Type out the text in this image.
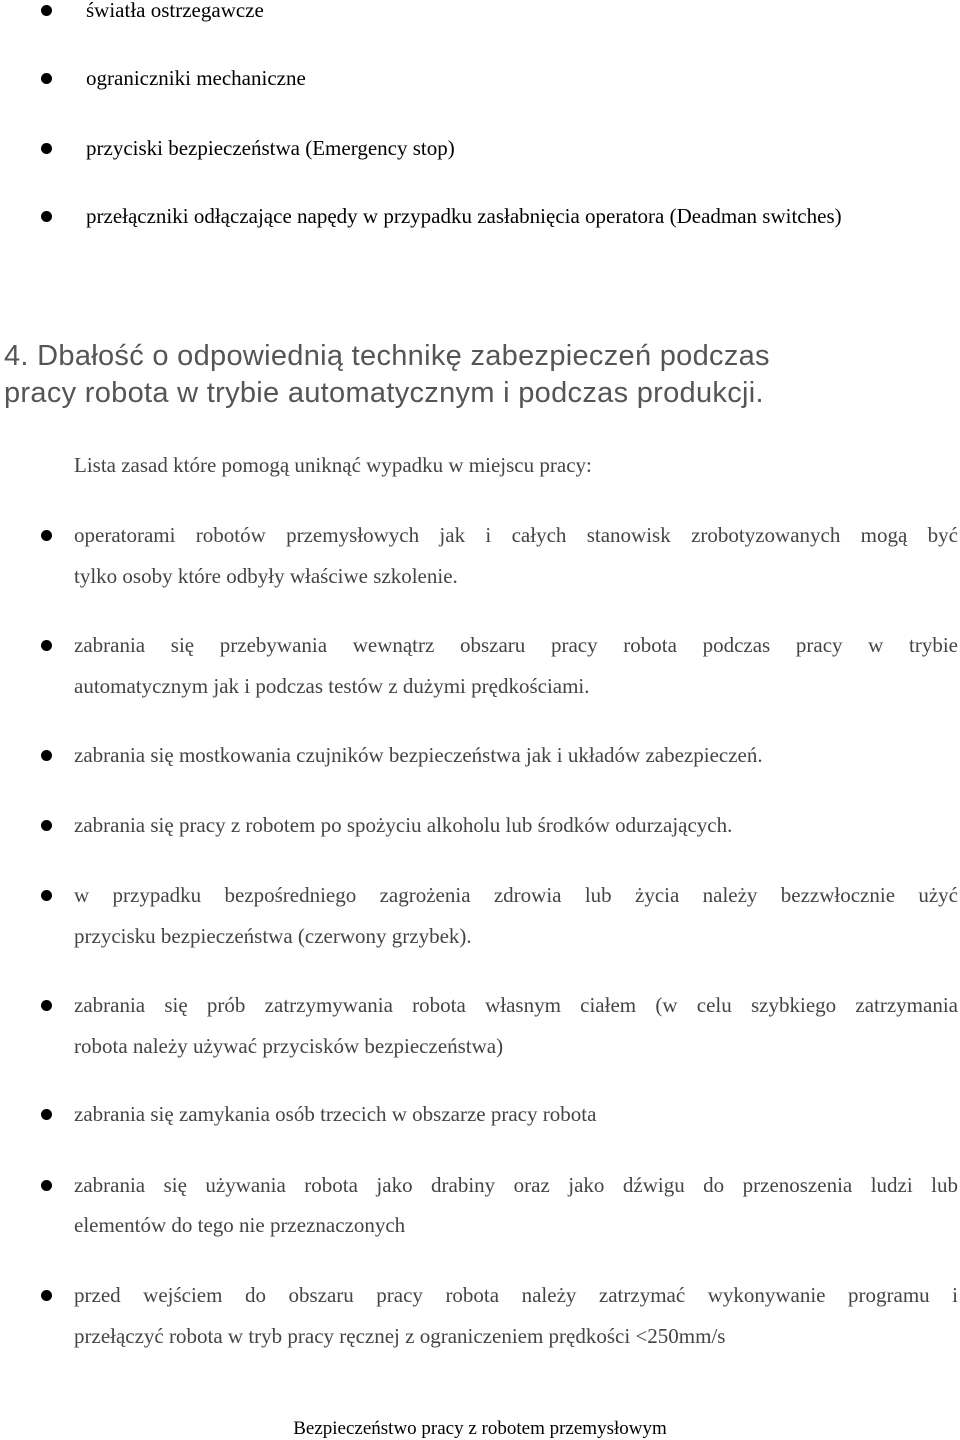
światła ostrzegawcze
ograniczniki mechaniczne
przyciski bezpieczeństwa (Emergency stop)
przełączniki odłączające napędy w przypadku zasłabnięcia operatora (Deadman switches)
4. Dbałość o odpowiednią technikę zabezpieczeń podczas
pracy robota w trybie automatycznym i podczas produkcji.
Lista zasad które pomogą uniknąć wypadku w miejscu pracy:
operatorami robotów przemysłowych jak i całych stanowisk zrobotyzowanych mogą być
tylko osoby które odbyły właściwe szkolenie.
zabrania się przebywania wewnątrz obszaru pracy robota podczas pracy w trybie
automatycznym jak i podczas testów z dużymi prędkościami.
zabrania się mostkowania czujników bezpieczeństwa jak i układów zabezpieczeń.
zabrania się pracy z robotem po spożyciu alkoholu lub środków odurzających.
w przypadku bezpośredniego zagrożenia zdrowia lub życia należy bezzwłocznie użyć
przycisku bezpieczeństwa (czerwony grzybek).
zabrania się prób zatrzymywania robota własnym ciałem (w celu szybkiego zatrzymania
robota należy używać przycisków bezpieczeństwa)
zabrania się zamykania osób trzecich w obszarze pracy robota
zabrania się używania robota jako drabiny oraz jako dźwigu do przenoszenia ludzi lub
elementów do tego nie przeznaczonych
przed wejściem do obszaru pracy robota należy zatrzymać wykonywanie programu i
przełączyć robota w tryb pracy ręcznej z ograniczeniem prędkości <250mm/s
Bezpieczeństwo pracy z robotem przemysłowym
